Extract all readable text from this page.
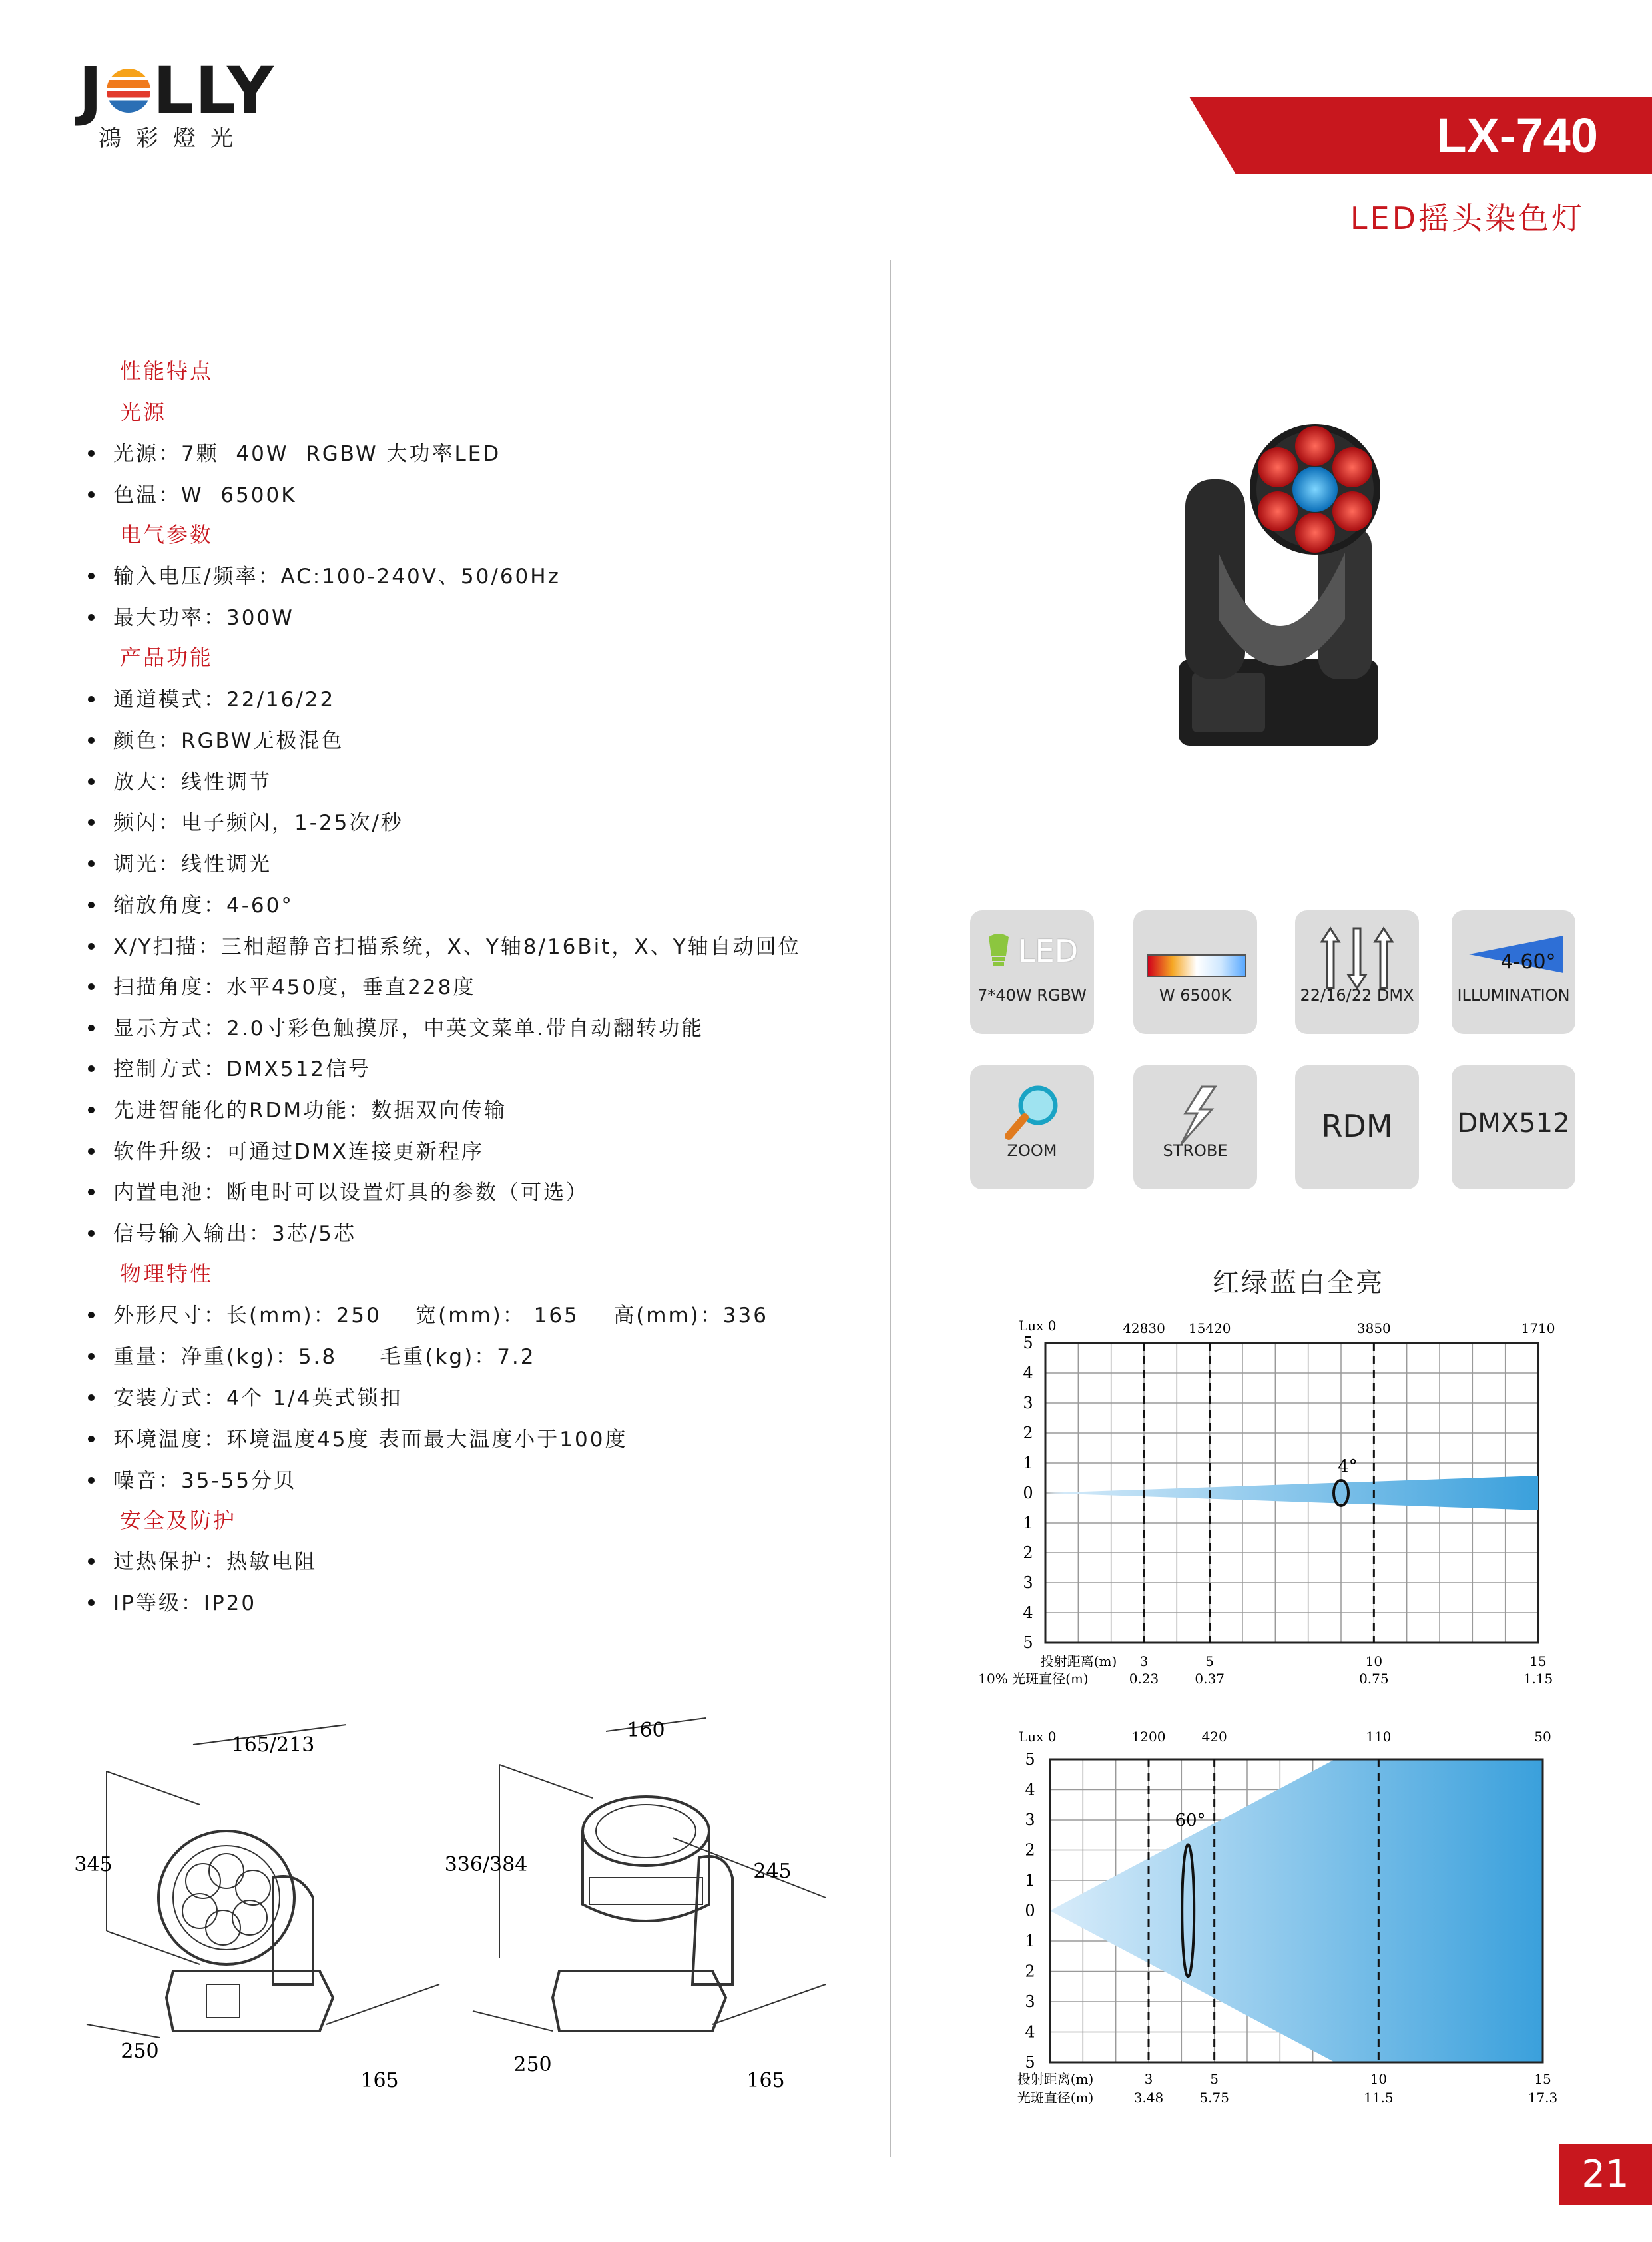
J LLY
鴻彩燈光	LX-740
LED摇头染色灯
性能特点
光源
光源：7颗  40W  RGBW 大功率LED
色温：W  6500K
电气参数
输入电压/频率：AC:100-240V、50/60Hz
最大功率：300W
产品功能
通道模式：22/16/22
颜色：RGBW无极混色
放大：线性调节
频闪：电子频闪，1-25次/秒
调光：线性调光
缩放角度：4-60°
X/Y扫描：三相超静音扫描系统，X、Y轴8/16Bit，X、Y轴自动回位
扫描角度：水平450度，垂直228度
显示方式：2.0寸彩色触摸屏，中英文菜单.带自动翻转功能
控制方式：DMX512信号
先进智能化的RDM功能：数据双向传输
软件升级：可通过DMX连接更新程序
内置电池：断电时可以设置灯具的参数（可选）
信号输入输出：3芯/5芯
物理特性
外形尺寸：长(mm)：250    宽(mm)： 165    高(mm)：336
重量：净重(kg)：5.8     毛重(kg)：7.2
安装方式：4个 1/4英式锁扣
环境温度：环境温度45度 表面最大温度小于100度
噪音：35-55分贝
安全及防护
过热保护：热敏电阻
IP等级：IP20
LED
7*40W RGBW	W 6500K	22/16/22 DMX
4-60°
ILLUMINATION
ZOOM	STROBE
RDM	DMX512
红绿蓝白全亮
4°
Lux 0	42830 15420	3850	1710
5
4
3
2
1
0
1
2
3
4
5
投射距离(m)
10% 光斑直径(m)
3	5	10	15
0.23	0.37	0.75	1.15
60°
Lux 0	1200	420	110	50
5
4
3
2
1
0
1
2
3
4
5
投射距离(m)
光斑直径(m)
3	5	10	15
3.48	5.75	11.5	17.3
345
165/213
250
165
336/384
160
245
250
165
21
